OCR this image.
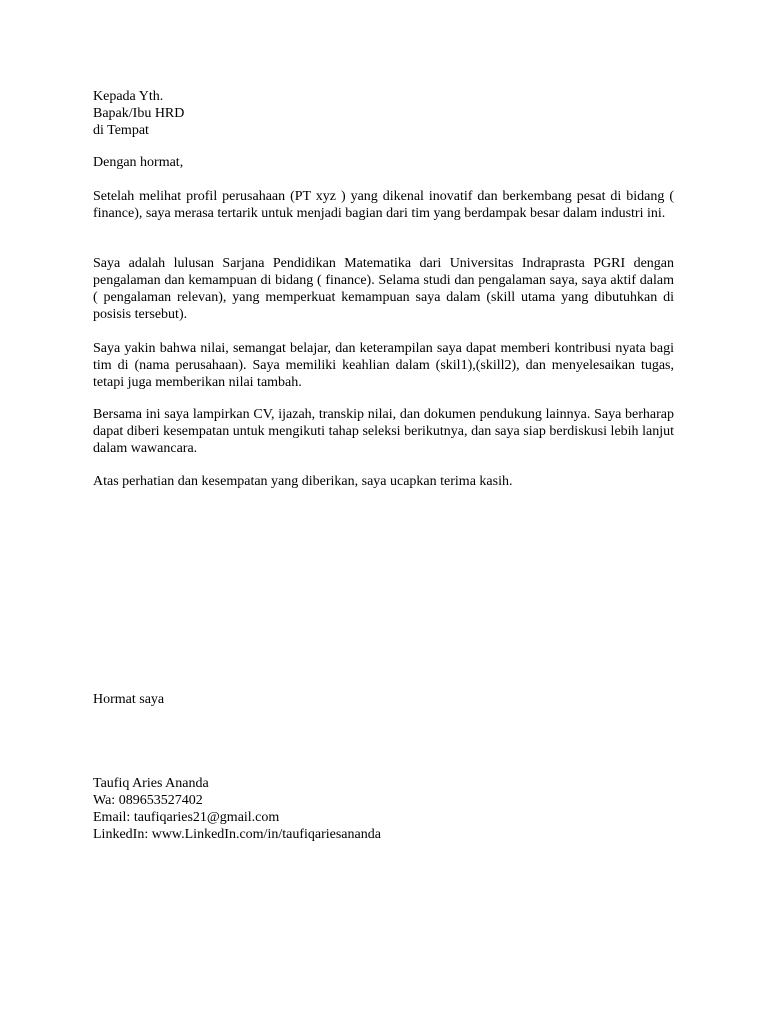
Kepada Yth.
Bapak/Ibu HRD
di Tempat

Dengan hormat,

Setelah melihat profil perusahaan (PT xyz ) yang dikenal inovatif dan berkembang pesat di bidang ( finance), saya merasa tertarik untuk menjadi bagian dari tim yang berdampak besar dalam industri ini.

Saya adalah lulusan Sarjana Pendidikan Matematika dari Universitas Indraprasta PGRI dengan pengalaman dan kemampuan di bidang ( finance). Selama studi dan pengalaman saya, saya aktif dalam ( pengalaman relevan), yang memperkuat kemampuan saya dalam (skill utama yang dibutuhkan di posisis tersebut).

Saya yakin bahwa nilai, semangat belajar, dan keterampilan saya dapat memberi kontribusi nyata bagi tim di (nama perusahaan). Saya memiliki keahlian dalam (skil1),(skill2), dan menyelesaikan tugas, tetapi juga memberikan nilai tambah.

Bersama ini saya lampirkan CV, ijazah, transkip nilai, dan dokumen pendukung lainnya. Saya berharap dapat diberi kesempatan untuk mengikuti tahap seleksi berikutnya, dan saya siap berdiskusi lebih lanjut dalam wawancara.

Atas perhatian dan kesempatan yang diberikan, saya ucapkan terima kasih.

Hormat saya

Taufiq Aries Ananda
Wa: 089653527402
Email: taufiqaries21@gmail.com
LinkedIn: www.LinkedIn.com/in/taufiqariesananda
